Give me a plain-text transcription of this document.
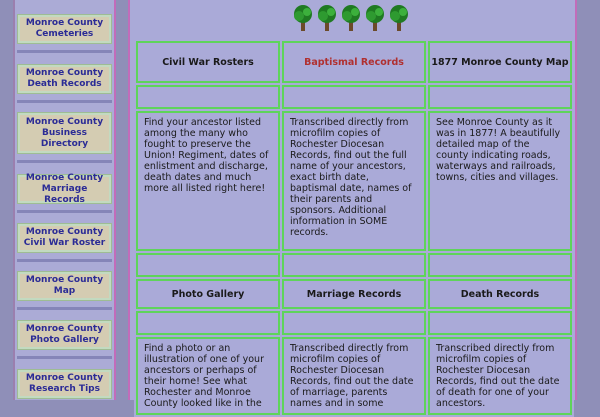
Monroe County Cemeteries
Monroe County Death Records
Monroe County Business Directory
Monroe County Marriage Records
Monroe County Civil War Roster
Monroe County Map
Monroe County Photo Gallery
Monroe County Research Tips
Civil War Rosters	Baptismal Records	1877 Monroe County Map

Find your ancestor listed among the many who fought to preserve the Union! Regiment, dates of enlistment and discharge, death dates and much more all listed right here!	Transcribed directly from microfilm copies of Rochester Diocesan Records, find out the full name of your ancestors, exact birth date, baptismal date, names of their parents and sponsors. Additional information in SOME records.	See Monroe County as it was in 1877! A beautifully detailed map of the county indicating roads, waterways and railroads, towns, cities and villages.

Photo Gallery	Marriage Records	Death Records

Find a photo or an illustration of one of your ancestors or perhaps of their home! See what Rochester and Monroe County looked like in the	Transcribed directly from microfilm copies of Rochester Diocesan Records, find out the date of marriage, parents names and in some	Transcribed directly from microfilm copies of Rochester Diocesan Records, find out the date of death for one of your ancestors.
